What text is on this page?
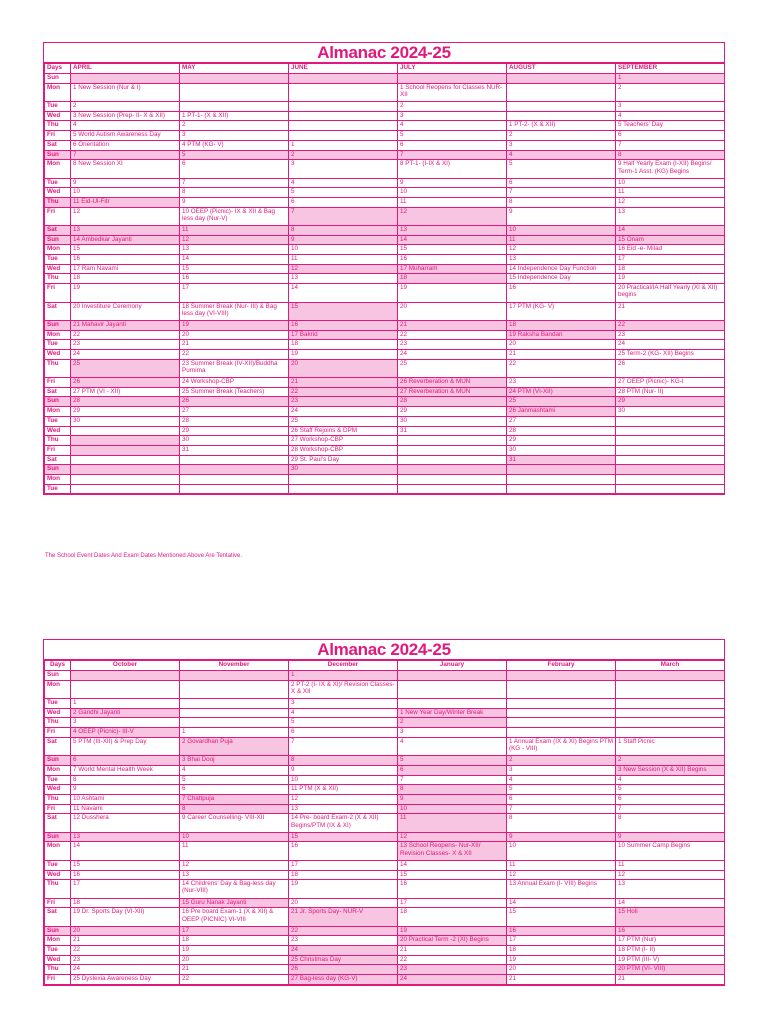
Almanac 2024-25
Days	APRIL	MAY	JUNE	JULY	AUGUST	SEPTEMBER
Sun						1
Mon	1 New Session (Nur & I)			1 School Reopens for Classes NUR- XII		2
Tue	2			2		3
Wed	3 New Session (Prep- II- X & XII)	1 PT-1- (X & XII)		3		4
Thu	4	2		4	1 PT-2- (X & XII)	5 Teachers' Day
Fri	5 World Autism Awareness Day	3		5	2	6
Sat	6 Orientation	4 PTM (KG- V)	1	6	3	7
Sun	7	5	2	7	4	8
Mon	8 New Session XI	6	3	8 PT-1- (I-IX & XI)	5	9 Half Yearly Exam (I-XII) Begins/ Term-1 Asst. (KG) Begins
Tue	9	7	4	9	6	10
Wed	10	8	5	10	7	11
Thu	11 Eid-Ul-Fitr	9	6	11	8	12
Fri	12	10 OEEP (Picnic)- IX & XII & Bag less day (Nur-V)	7	12	9	13
Sat	13	11	8	13	10	14
Sun	14 Ambedkar Jayanti	12	9	14	11	15 Onam
Mon	15	13	10	15	12	16 Eid -e- Milad
Tue	16	14	11	16	13	17
Wed	17 Ram Navami	15	12	17 Muharram	14 Independence Day Function	18
Thu	18	16	13	18	15 Independence Day	19
Fri	19	17	14	19	16	20 Practical/IA Half Yearly (XI & XII) begins
Sat	20 Investiture Ceremony	18 Summer Break (Nur- III) & Bag less day (VI-VIII)	15	20	17 PTM (KG- V)	21
Sun	21 Mahavir Jayanti	19	16	21	18	22
Mon	22	20	17 Bakrid	22	19 Raksha Bandan	23
Tue	23	21	18	23	20	24
Wed	24	22	19	24	21	25 Term-2 (KG- XII) Begins
Thu	25	23 Summer Break (IV-XII)/Buddha Purnima	20	25	22	26
Fri	26	24 Workshop-CBP	21	26 Reverberation & MUN	23	27 OEEP (Picnic)- KG-I
Sat	27 PTM (VI - XII)	25 Summer Break (Teachers)	22	27 Reverberation & MUN	24 PTM (VI-XII)	28 PTM (Nur- II)
Sun	28	26	23	28	25	29
Mon	29	27	24	29	26 Janmashtami	30
Tue	30	28	25	30	27	
Wed		29	26 Staff Rejoins & DPM	31	28	
Thu		30	27 Workshop-CBP		29	
Fri		31	28 Workshop-CBP		30	
Sat			29 St. Paul's Day		31	
Sun			30			
Mon						
Tue						
The School Event Dates And Exam Dates Mentioned Above Are Tentative.
Almanac 2024-25
Days	October	November	December	January	February	March
Sun			1			
Mon			2 PT-2 (I- IX & XI)/ Revision Classes- X & XII			
Tue	1		3			
Wed	2 Gandhi Jayanti		4	1 New Year Day/Winter Break		
Thu	3		5	2		
Fri	4 OEEP (Picnic)- III-V	1	6	3		
Sat	5 PTM (III-XII) & Prep Day	2 Govardhan Puja	7	4	1 Annual Exam (IX & XI) Begins PTM (KG - VIII)	1 Staff Picnic
Sun	6	3 Bhai Dooj	8	5	2	2
Mon	7 World Mental Health Week	4	9	6	3	3 New Session (X & XII) Begins
Tue	8	5	10	7	4	4
Wed	9	6	11 PTM (X & XII)	8	5	5
Thu	10 Ashtami	7 Chattpuja	12	9	6	6
Fri	11 Navami	8	13	10	7	7
Sat	12 Dusshera	9 Career Counselling- VIII-XII	14 Pre- board Exam-2 (X & XII) Begins/PTM (IX & XI)	11	8	8
Sun	13	10	15	12	9	9
Mon	14	11	16	13 School Reopens- Nur-XII/ Revision Classes- X & XII	10	10 Summer Camp Begins
Tue	15	12	17	14	11	11
Wed	16	13	18	15	12	12
Thu	17	14 Childrens' Day & Bag-less day (Nur-VIII)	19	16	13 Annual Exam (I- VIII) Begins	13
Fri	18	15 Guru Nanak Jayanti	20	17	14	14
Sat	19 Dr. Sports Day (VI-XII)	16 Pre board Exam-1 (X & XII) & OEEP (PICNIC) VI-VIII	21 Jr. Sports Day- NUR-V	18	15	15 Holi
Sun	20	17	22	19	16	16
Mon	21	18	23	20 Practical Term -2 (XI) Begins	17	17 PTM (Nur)
Tue	22	19	24	21	18	18 PTM (I- II)
Wed	23	20	25 Christmas Day	22	19	19 PTM (III- V)
Thu	24	21	26	23	20	20 PTM (VI- VIII)
Fri	25 Dyslexia Awareness Day	22	27 Bag-less day (KG-V)	24	21	21
